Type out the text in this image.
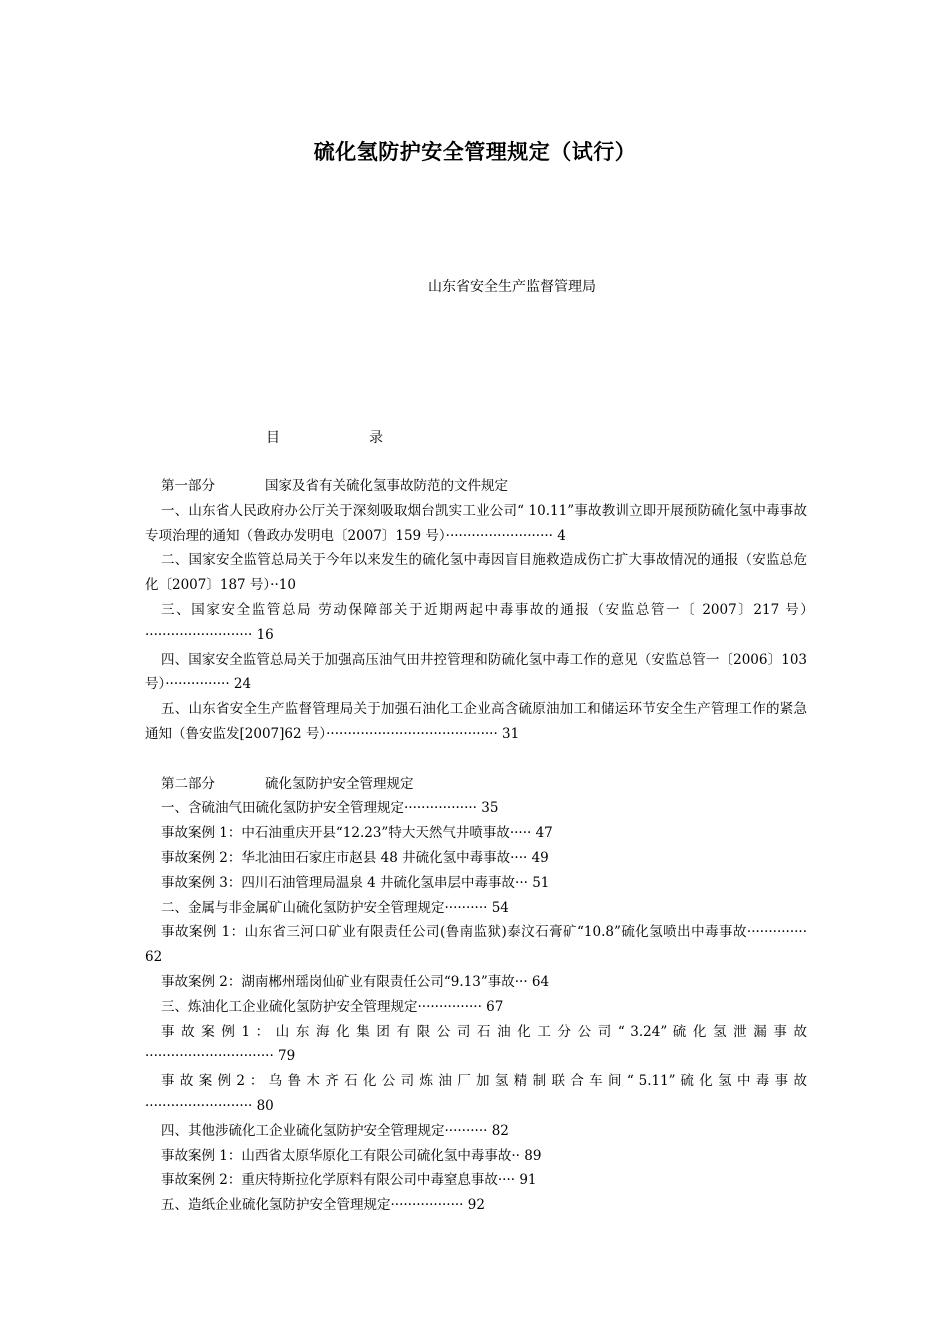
硫化氢防护安全管理规定（试行）
山东省安全生产监督管理局
目	录
第一部分	国家及省有关硫化氢事故防范的文件规定
一、山东省人民政府办公厅关于深刻吸取烟台凯实工业公司“ 10.11”事故教训立即开展预防硫化氢中毒事故专项治理的通知（鲁政办发明电〔2007〕159 号）························· 4
二、国家安全监管总局关于今年以来发生的硫化氢中毒因盲目施救造成伤亡扩大事故情况的通报（安监总危化〔2007〕187 号）··10
三、国家安全监管总局 劳动保障部关于近期两起中毒事故的通报（安监总管一〔 2007〕217 号）························· 16
四、国家安全监管总局关于加强高压油气田井控管理和防硫化氢中毒工作的意见（安监总管一〔2006〕103 号）··············· 24
五、山东省安全生产监督管理局关于加强石油化工企业高含硫原油加工和储运环节安全生产管理工作的紧急通知（鲁安监发[2007]62 号）········································ 31
第二部分	硫化氢防护安全管理规定
一、含硫油气田硫化氢防护安全管理规定················· 35
事故案例 1：中石油重庆开县“12.23”特大天然气井喷事故····· 47
事故案例 2：华北油田石家庄市赵县 48 井硫化氢中毒事故···· 49
事故案例 3：四川石油管理局温泉 4 井硫化氢串层中毒事故··· 51
二、金属与非金属矿山硫化氢防护安全管理规定·········· 54
事故案例 1：山东省三河口矿业有限责任公司(鲁南监狱)泰汶石膏矿“10.8”硫化氢喷出中毒事故·············· 62
事故案例 2：湖南郴州瑶岗仙矿业有限责任公司“9.13”事故··· 64
三、炼油化工企业硫化氢防护安全管理规定··············· 67
事 故 案 例 1 ： 山 东 海 化 集 团 有 限 公 司 石 油 化 工 分 公 司 “ 3.24” 硫 化 氢 泄 漏 事 故······························ 79
事 故 案 例 2 ： 乌 鲁 木 齐 石 化 公 司 炼 油 厂 加 氢 精 制 联 合 车 间 “ 5.11” 硫 化 氢 中 毒 事 故························· 80
四、其他涉硫化工企业硫化氢防护安全管理规定·········· 82
事故案例 1：山西省太原华原化工有限公司硫化氢中毒事故·· 89
事故案例 2：重庆特斯拉化学原料有限公司中毒窒息事故···· 91
五、造纸企业硫化氢防护安全管理规定················· 92
